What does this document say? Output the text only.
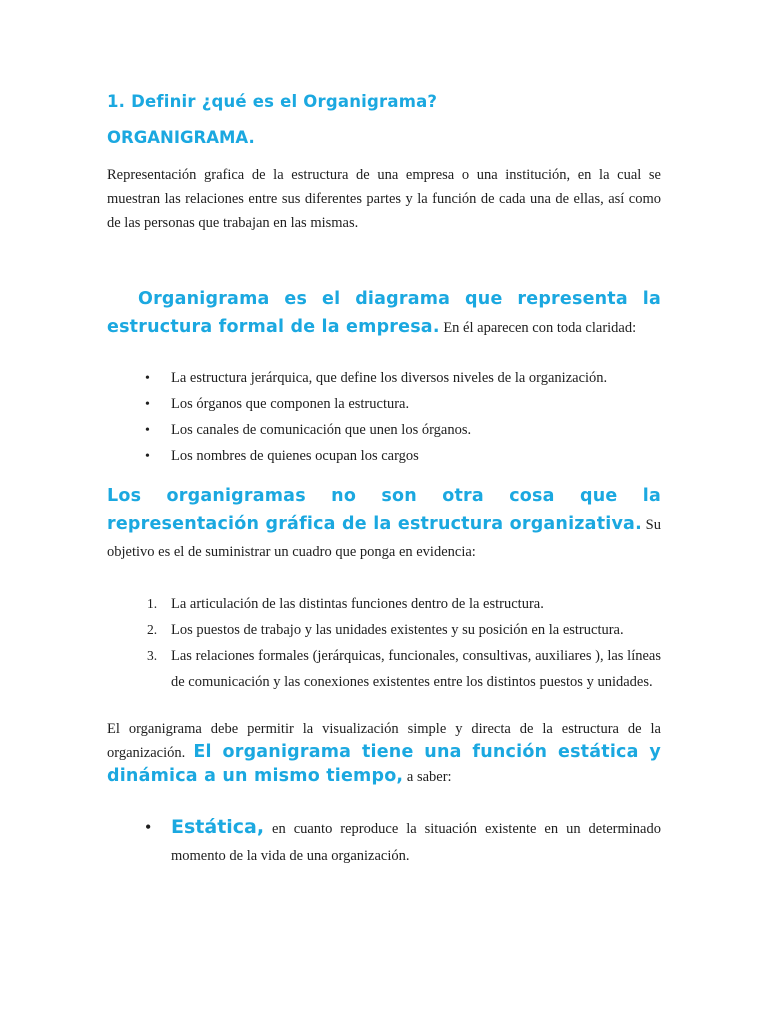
1. Definir ¿qué es el Organigrama?
ORGANIGRAMA.

Representación grafica de la estructura de una empresa o una institución, en la cual se muestran las relaciones entre sus diferentes partes y la función de cada una de ellas, así como de las personas que trabajan en las mismas.

Organigrama es el diagrama que representa la estructura formal de la empresa. En él aparecen con toda claridad:

• La estructura jerárquica, que define los diversos niveles de la organización.
• Los órganos que componen la estructura.
• Los canales de comunicación que unen los órganos.
• Los nombres de quienes ocupan los cargos

Los organigramas no son otra cosa que la representación gráfica de la estructura organizativa. Su objetivo es el de suministrar un cuadro que ponga en evidencia:

1. La articulación de las distintas funciones dentro de la estructura.
2. Los puestos de trabajo y las unidades existentes y su posición en la estructura.
3. Las relaciones formales (jerárquicas, funcionales, consultivas, auxiliares ), las líneas de comunicación y las conexiones existentes entre los distintos puestos y unidades.

El organigrama debe permitir la visualización simple y directa de la estructura de la organización. El organigrama tiene una función estática y dinámica a un mismo tiempo, a saber:

• Estática, en cuanto reproduce la situación existente en un determinado momento de la vida de una organización.
